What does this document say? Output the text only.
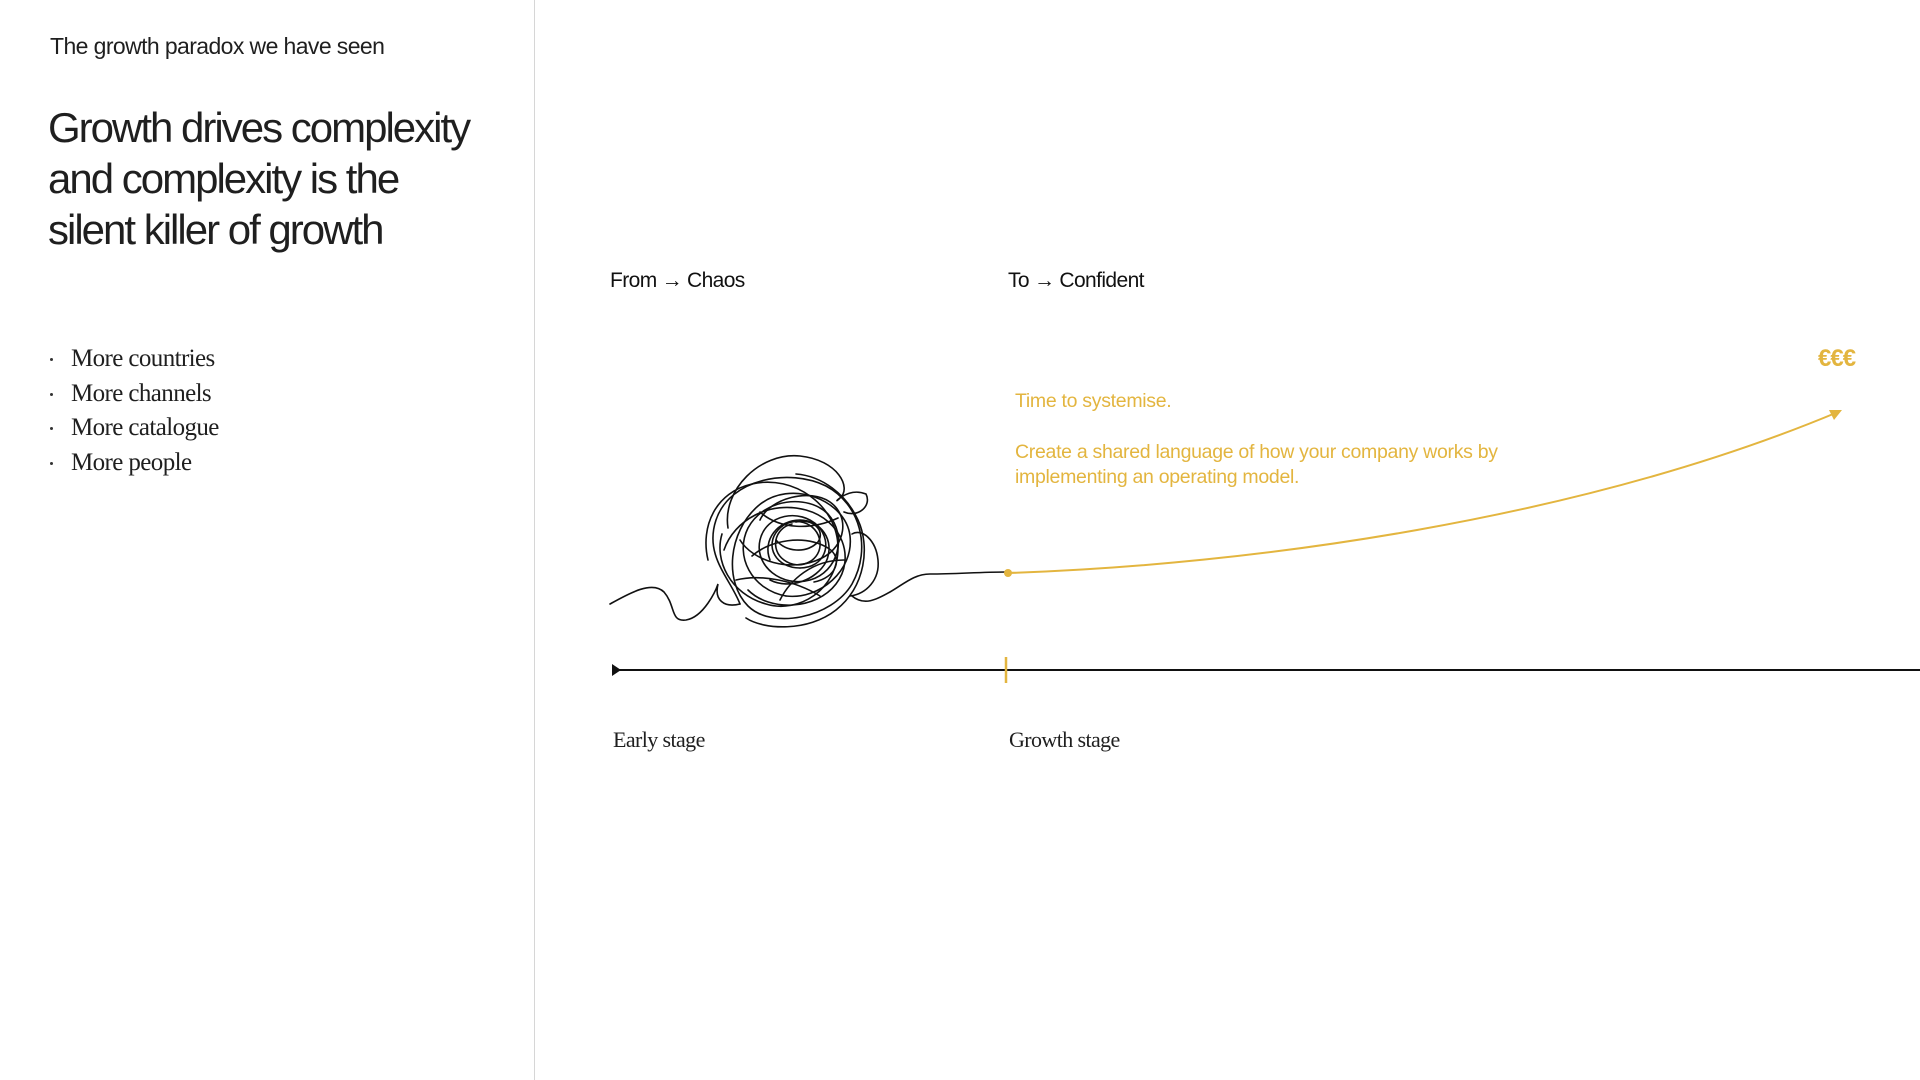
The growth paradox we have seen
Growth drives complexity
and complexity is the
silent killer of growth
More countries
More channels
More catalogue
More people
From → Chaos	To → Confident

Time to systemise.

Create a shared language of how your company works by implementing an operating model.

€€€
Early stage	Growth stage
